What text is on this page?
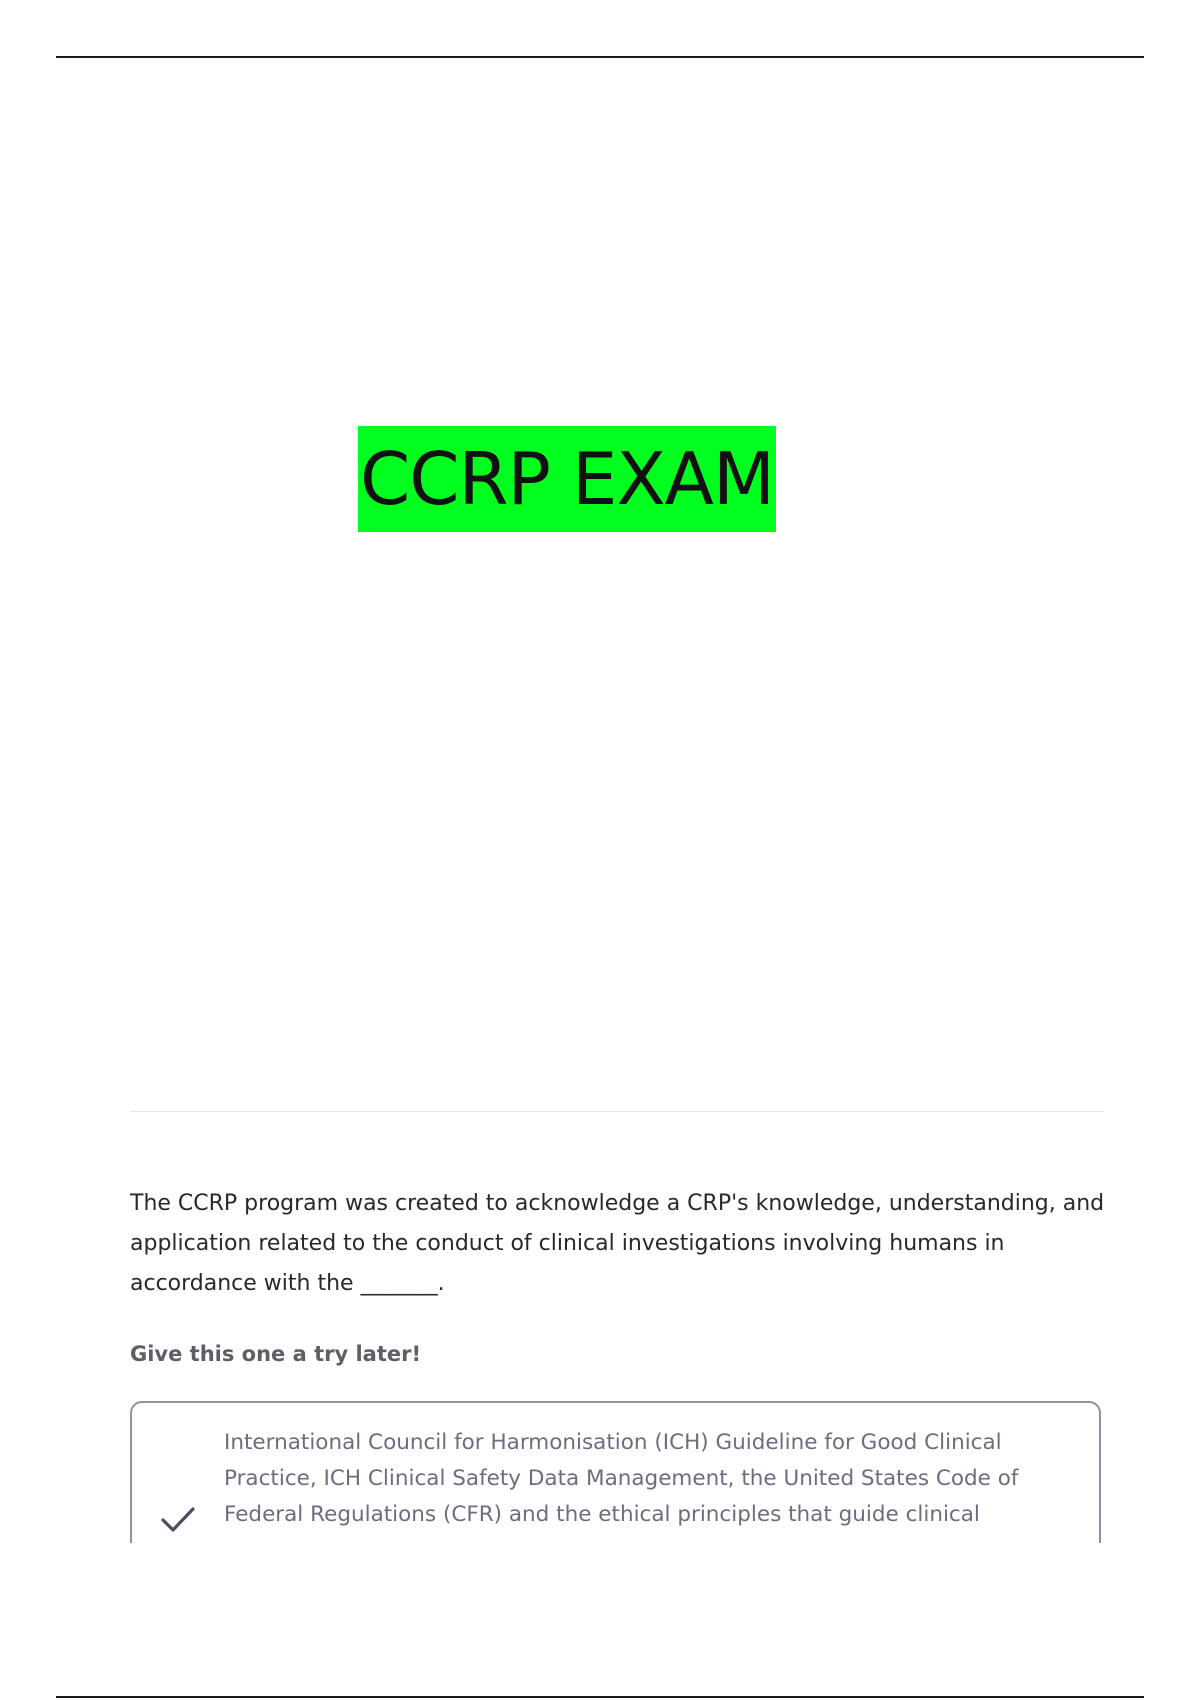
CCRP EXAM

The CCRP program was created to acknowledge a CRP's knowledge, understanding, and application related to the conduct of clinical investigations involving humans in accordance with the _______.

Give this one a try later!

International Council for Harmonisation (ICH) Guideline for Good Clinical Practice, ICH Clinical Safety Data Management, the United States Code of Federal Regulations (CFR) and the ethical principles that guide clinical
